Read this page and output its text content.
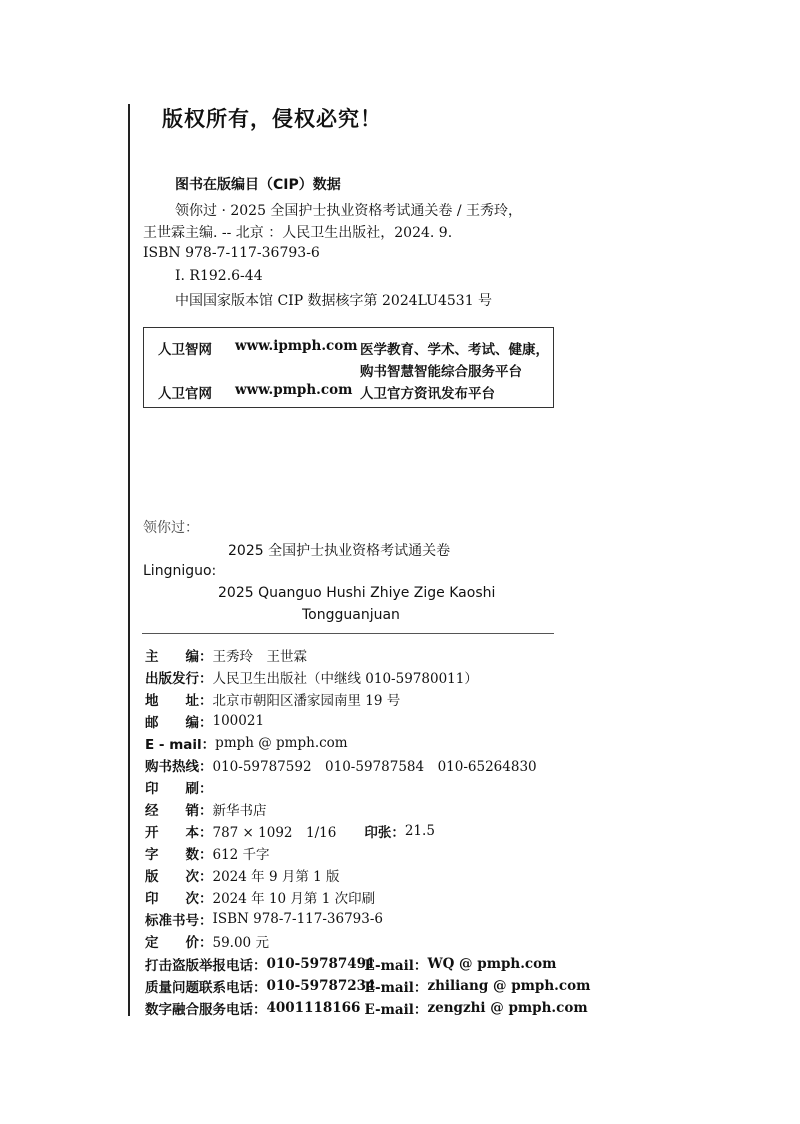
版权所有，侵权必究！
图书在版编目（CIP）数据
领你过 · 2025 全国护士执业资格考试通关卷 / 王秀玲，
王世霖主编. -- 北京 ：人民卫生出版社，2024. 9.
ISBN 978-7-117-36793-6
Ⅰ. R192.6-44
中国国家版本馆 CIP 数据核字第 2024LU4531 号
人卫智网 www.ipmph.com 医学教育、学术、考试、健康，
购书智慧智能综合服务平台
人卫官网 www.pmph.com 人卫官方资讯发布平台
领你过：
2025 全国护士执业资格考试通关卷
Lingniguo:
2025 Quanguo Hushi Zhiye Zige Kaoshi
Tongguanjuan
主　　编： 王秀玲　王世霖
出版发行： 人民卫生出版社（中继线 010-59780011）
地　　址： 北京市朝阳区潘家园南里 19 号
邮　　编： 100021
E - mail： pmph @ pmph.com
购书热线： 010-59787592　010-59787584　010-65264830
印　　刷：
经　　销： 新华书店
开　　本： 787 × 1092　1/16 印张： 21.5
字　　数： 612 千字
版　　次： 2024 年 9 月第 1 版
印　　次： 2024 年 10 月第 1 次印刷
标准书号： ISBN 978-7-117-36793-6
定　　价： 59.00 元
打击盗版举报电话： 010-59787491
E-mail： WQ @ pmph.com
质量问题联系电话： 010-59787234
E-mail： zhiliang @ pmph.com
数字融合服务电话： 4001118166 E-mail： zengzhi @ pmph.com
